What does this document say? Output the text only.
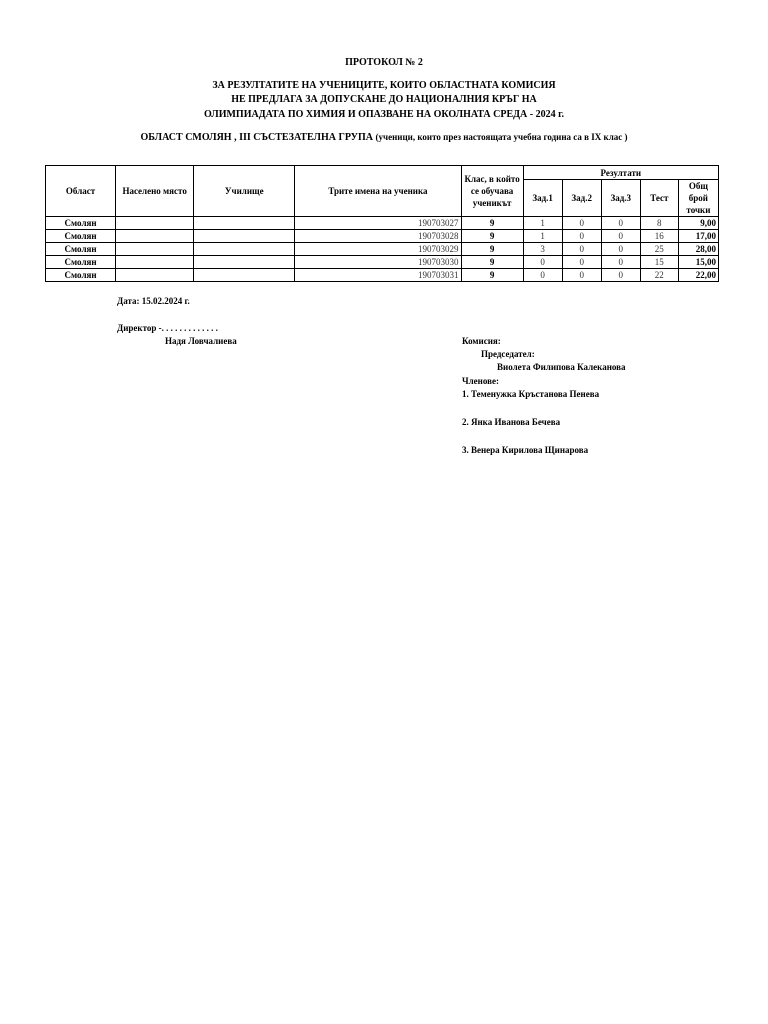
ПРОТОКОЛ № 2
ЗА РЕЗУЛТАТИТЕ НА УЧЕНИЦИТЕ, КОИТО ОБЛАСТНАТА КОМИСИЯ
НЕ ПРЕДЛАГА ЗА ДОПУСКАНЕ ДО НАЦИОНАЛНИЯ КРЪГ НА
ОЛИМПИАДАТА ПО ХИМИЯ И ОПАЗВАНЕ НА ОКОЛНАТА СРЕДА - 2024 г.
ОБЛАСТ СМОЛЯН , III СЪСТЕЗАТЕЛНА ГРУПА (ученици, които през настоящата учебна година са в IX клас )
Област	Населено място	Училище	Трите имена на ученика	Клас, в който се обучава ученикът	Резултати				
					Зад.1	Зад.2	Зад.3	Тест	Общ брой точки
Смолян			190703027	9	1	0	0	8	9,00
Смолян			190703028	9	1	0	0	16	17,00
Смолян			190703029	9	3	0	0	25	28,00
Смолян			190703030	9	0	0	0	15	15,00
Смолян			190703031	9	0	0	0	22	22,00
Дата: 15.02.2024 г.
Директор -. . . . . . . . . . . . .
Надя Ловчалиева	Комисия:
Председател:
Виолета Филипова Калеканова
Членове:
1. Теменужка Кръстанова Пенева
2. Янка Иванова Бечева
3. Венера Кирилова Щинарова
